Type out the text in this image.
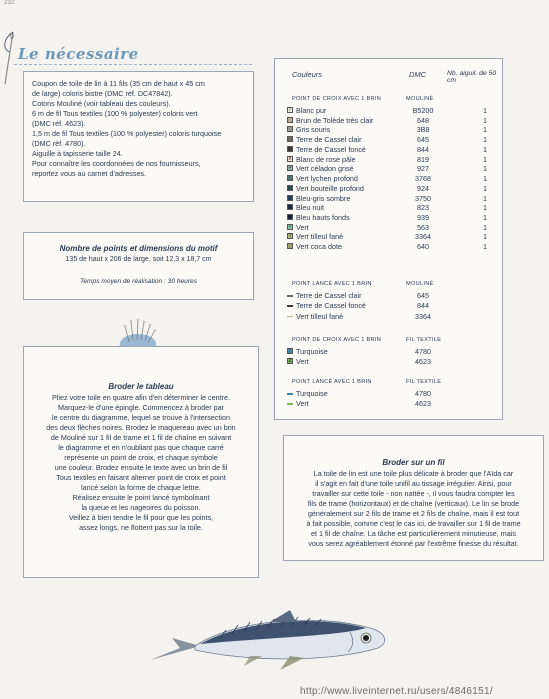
232
Le nécessaire
Coupon de toile de lin à 11 fils (35 cm de haut x 45 cm
de large) coloris bistre (DMC réf. DC47842).
Cotons Mouliné (voir tableau des couleurs).
6 m de fil Tous textiles (100 % polyester) coloris vert
(DMC réf. 4623).
1,5 m de fil Tous textiles (100 % polyester) coloris turquoise
(DMC réf. 4780).
Aiguille à tapisserie taille 24.
Pour connaître les coordonnées de nos fournisseurs,
reportez vous au carnet d'adresses.
Nombre de points et dimensions du motif
135 de haut x 206 de large, soit 12,3 x 18,7 cm
Temps moyen de réalisation : 30 heures
Broder le tableau
Pliez votre toile en quatre afin d'en déterminer le centre.
Marquez-le d'une épingle. Commencez à broder par
le centre du diagramme, lequel se trouve à l'intersection
des deux flèches noires. Brodez le maquereau avec un brin
de Mouliné sur 1 fil de trame et 1 fil de chaîne en suivant
le diagramme et en n'oubliant pas que chaque carré
représente un point de croix, et chaque symbole
une couleur. Brodez ensuite le texte avec un brin de fil
Tous textiles en faisant alterner point de croix et point
lancé selon la forme de chaque lettre.
Réalisez ensuite le point lancé symbolisant
la queue et les nageoires du poisson.
Veillez à bien tendre le fil pour que les points,
assez longs, ne flottent pas sur la toile.
Couleurs	DMC	Nb. aiguil. de 50 cm
POINT DE CROIX AVEC 1 BRIN	MOULINÉ
I Blanc pur	B5200	1
Brun de Tolède très clair	648	1
Gris souris	3B8	1
Terre de Cassel clair	645	1
Terre de Cassel foncé	844	1
X Blanc de rose pâle	819	1
+ Vert céladon grisé	927	1
Vert lychen profond	3768	1
Vert bouteille profond	924	1
Bleu-gris sombre	3750	1
Bleu nuit	823	1
Bleu hauts fonds	939	1
• Vert	563	1
T Vert tilleul fané	3364	1
Vert coca dote	640	1
POINT LANCÉ AVEC 1 BRIN	MOULINÉ
Terre de Cassel clair	645
Terre de Cassel foncé	844
Vert tilleul fané	3364
POINT DE CROIX AVEC 1 BRIN	FIL TEXTILE
Turquoise	4780
Z Vert	4623
POINT LANCÉ AVEC 1 BRIN	FIL TEXTILE
Turquoise	4780
Vert	4623
Broder sur un fil
La toile de lin est une toile plus délicate à broder que l'Aïda car
il s'agit en fait d'une toile unifil au tissage irrégulier. Ainsi, pour
travailler sur cette toile - non nattée -, il vous faudra compter les
fils de trame (horizontaux) et de chaîne (verticaux). Le lin se brode
généralement sur 2 fils de trame et 2 fils de chaîne, mais il est tout
à fait possible, comme c'est le cas ici, de travailler sur 1 fil de trame
et 1 fil de chaîne. La tâche est particulièrement minutieuse, mais
vous serez agréablement étonné par l'extrême finesse du résultat.
http://www.liveinternet.ru/users/4846151/
